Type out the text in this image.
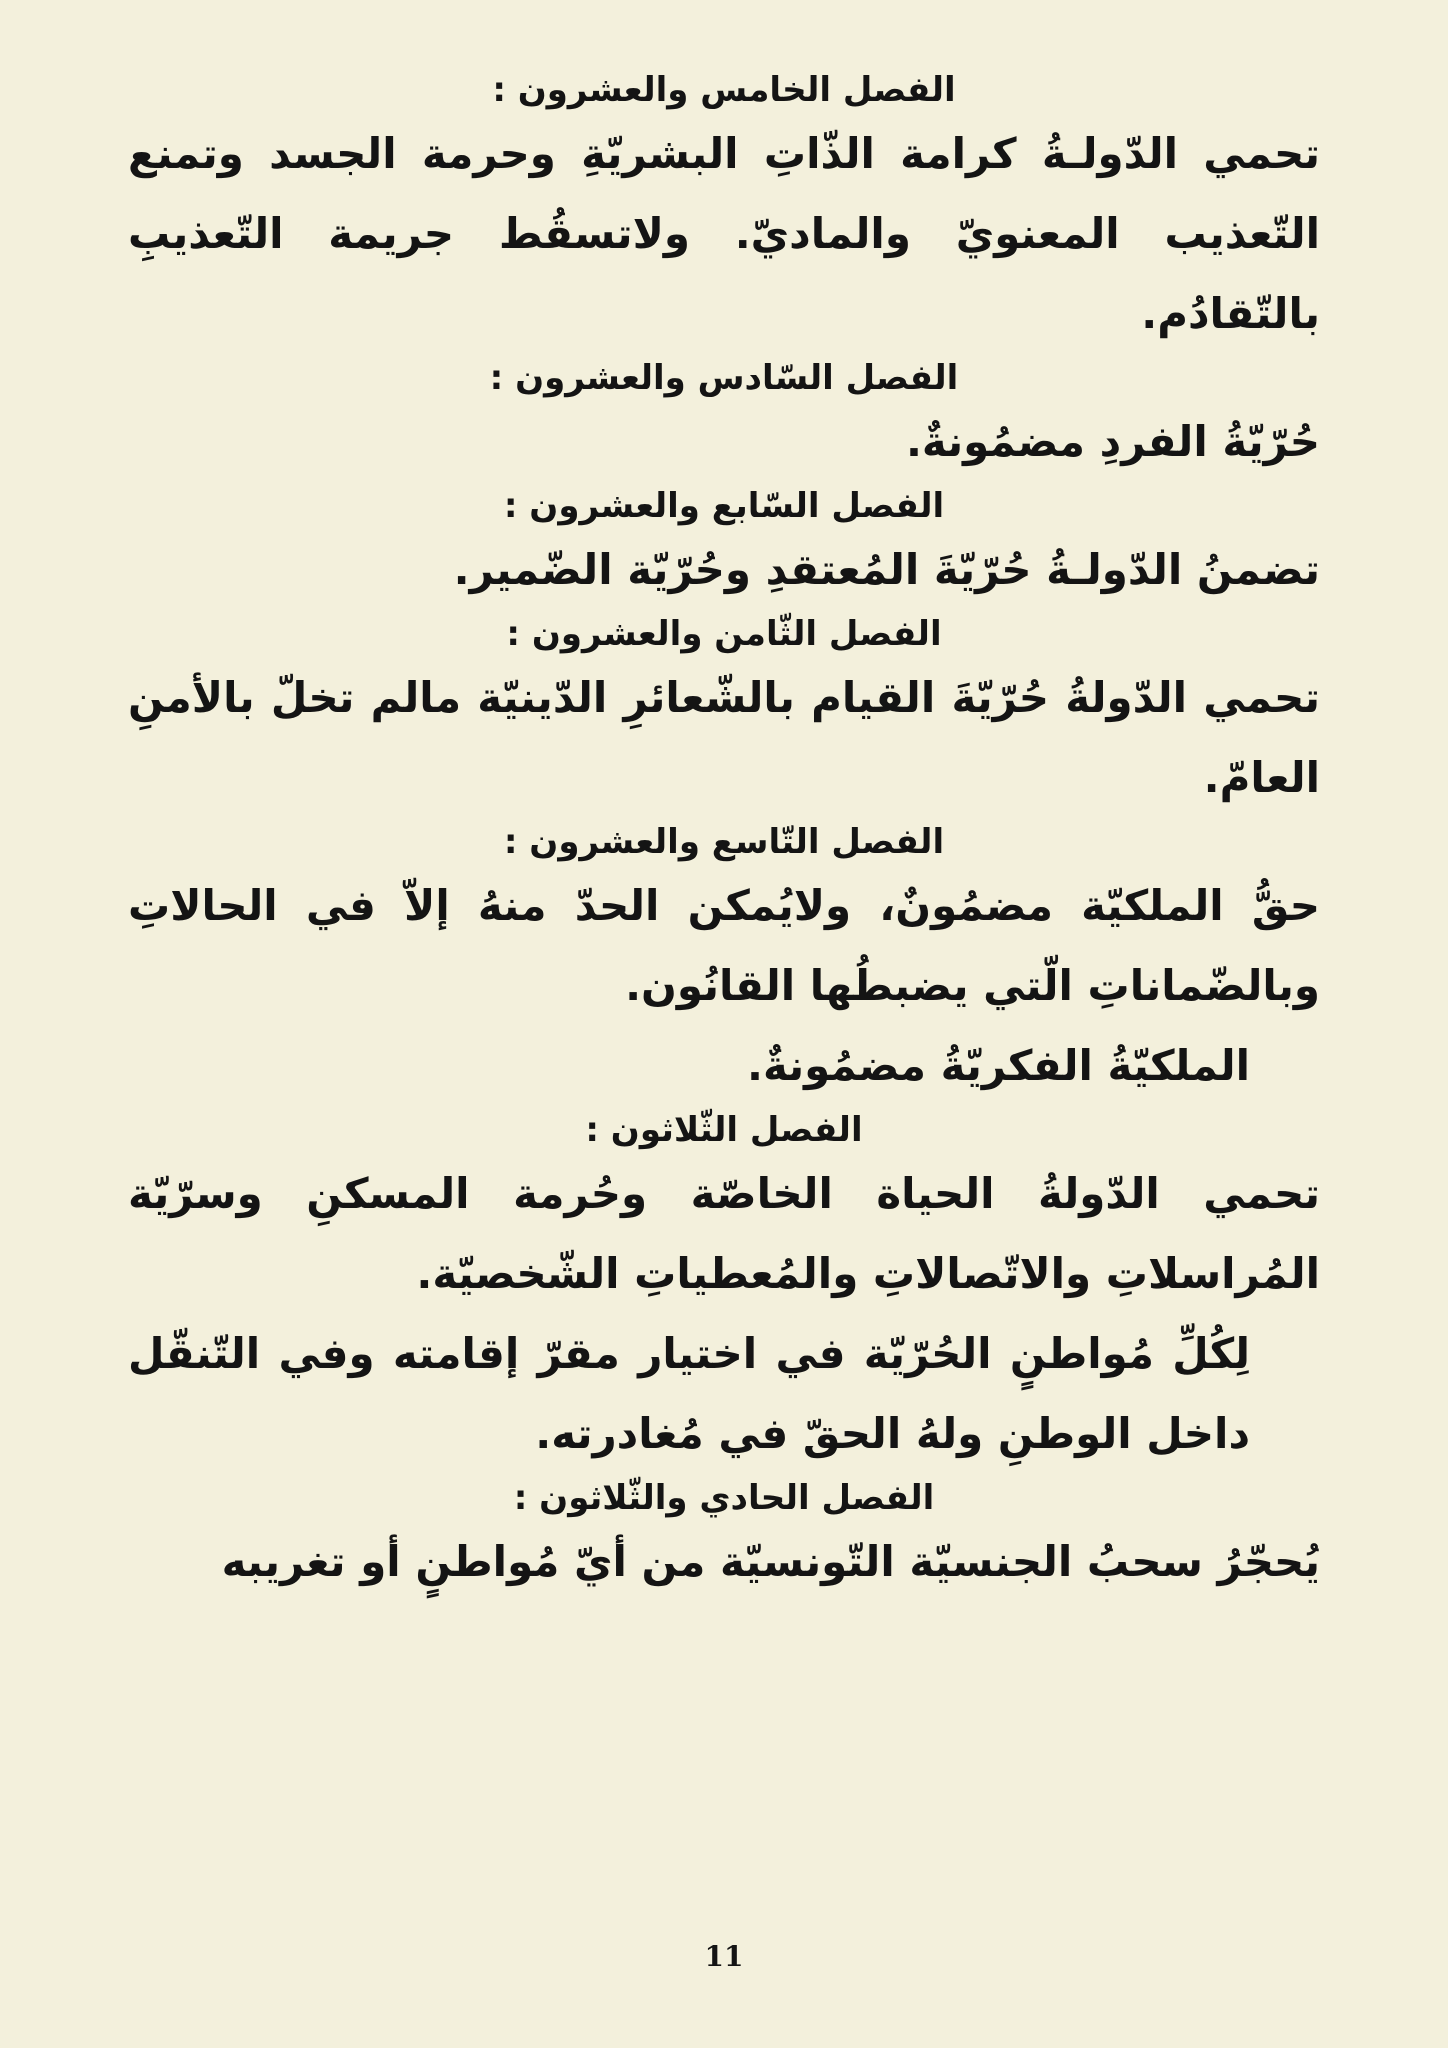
الفصل الخامس والعشرون :

تحمي الدّولـةُ كرامة الذّاتِ البشريّةِ وحرمة الجسد وتمنع التّعذيب المعنويّ والماديّ. ولاتسقُط جريمة التّعذيبِ بالتّقادُم.

الفصل السّادس والعشرون :

حُرّيّةُ الفردِ مضمُونةٌ.

الفصل السّابع والعشرون :

تضمنُ الدّولـةُ حُرّيّةَ المُعتقدِ وحُرّيّة الضّمير.

الفصل الثّامن والعشرون :

تحمي الدّولةُ حُرّيّةَ القيام بالشّعائرِ الدّينيّة مالم تخلّ بالأمنِ العامّ.

الفصل التّاسع والعشرون :

حقُّ الملكيّة مضمُونٌ، ولايُمكن الحدّ منهُ إلاّ في الحالاتِ وبالضّماناتِ الّتي يضبطُها القانُون.

الملكيّةُ الفكريّةُ مضمُونةٌ.

الفصل الثّلاثون :

تحمي الدّولةُ الحياة الخاصّة وحُرمة المسكنِ وسرّيّة المُراسلاتِ والاتّصالاتِ والمُعطياتِ الشّخصيّة.

لِكُلِّ مُواطنٍ الحُرّيّة في اختيار مقرّ إقامته وفي التّنقّل داخل الوطنِ ولهُ الحقّ في مُغادرته.

الفصل الحادي والثّلاثون :

يُحجّرُ سحبُ الجنسيّة التّونسيّة من أيّ مُواطنٍ أو تغريبه

11
